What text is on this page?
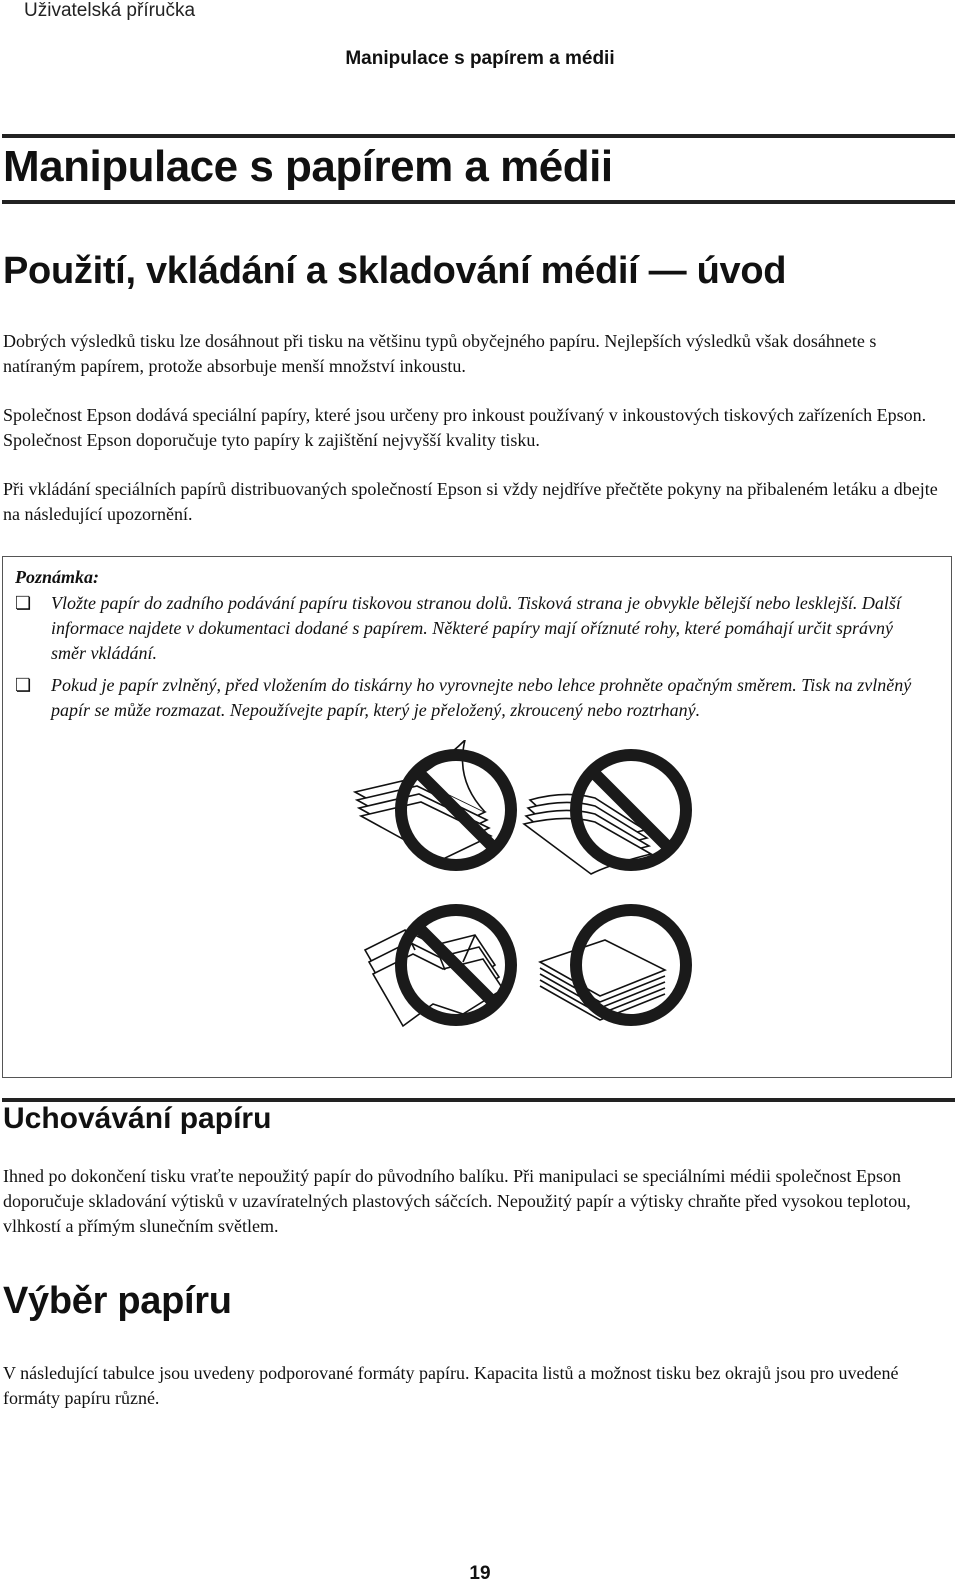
Uživatelská příručka
Manipulace s papírem a médii
Manipulace s papírem a médii
Použití, vkládání a skladování médií — úvod
Dobrých výsledků tisku lze dosáhnout při tisku na většinu typů obyčejného papíru. Nejlepších výsledků však dosáhnete s natíraným papírem, protože absorbuje menší množství inkoustu.
Společnost Epson dodává speciální papíry, které jsou určeny pro inkoust používaný v inkoustových tiskových zařízeních Epson. Společnost Epson doporučuje tyto papíry k zajištění nejvyšší kvality tisku.
Při vkládání speciálních papírů distribuovaných společností Epson si vždy nejdříve přečtěte pokyny na přibaleném letáku a dbejte na následující upozornění.
Poznámka:
❏ Vložte papír do zadního podávání papíru tiskovou stranou dolů. Tisková strana je obvykle bělejší nebo lesklejší. Další informace najdete v dokumentaci dodané s papírem. Některé papíry mají oříznuté rohy, které pomáhají určit správný směr vkládání.
❏ Pokud je papír zvlněný, před vložením do tiskárny ho vyrovnejte nebo lehce prohněte opačným směrem. Tisk na zvlněný papír se může rozmazat. Nepoužívejte papír, který je přeložený, zkroucený nebo roztrhaný.
Uchovávání papíru
Ihned po dokončení tisku vraťte nepoužitý papír do původního balíku. Při manipulaci se speciálními médii společnost Epson doporučuje skladování výtisků v uzavíratelných plastových sáčcích. Nepoužitý papír a výtisky chraňte před vysokou teplotou, vlhkostí a přímým slunečním světlem.
Výběr papíru
V následující tabulce jsou uvedeny podporované formáty papíru. Kapacita listů a možnost tisku bez okrajů jsou pro uvedené formáty papíru různé.
19
